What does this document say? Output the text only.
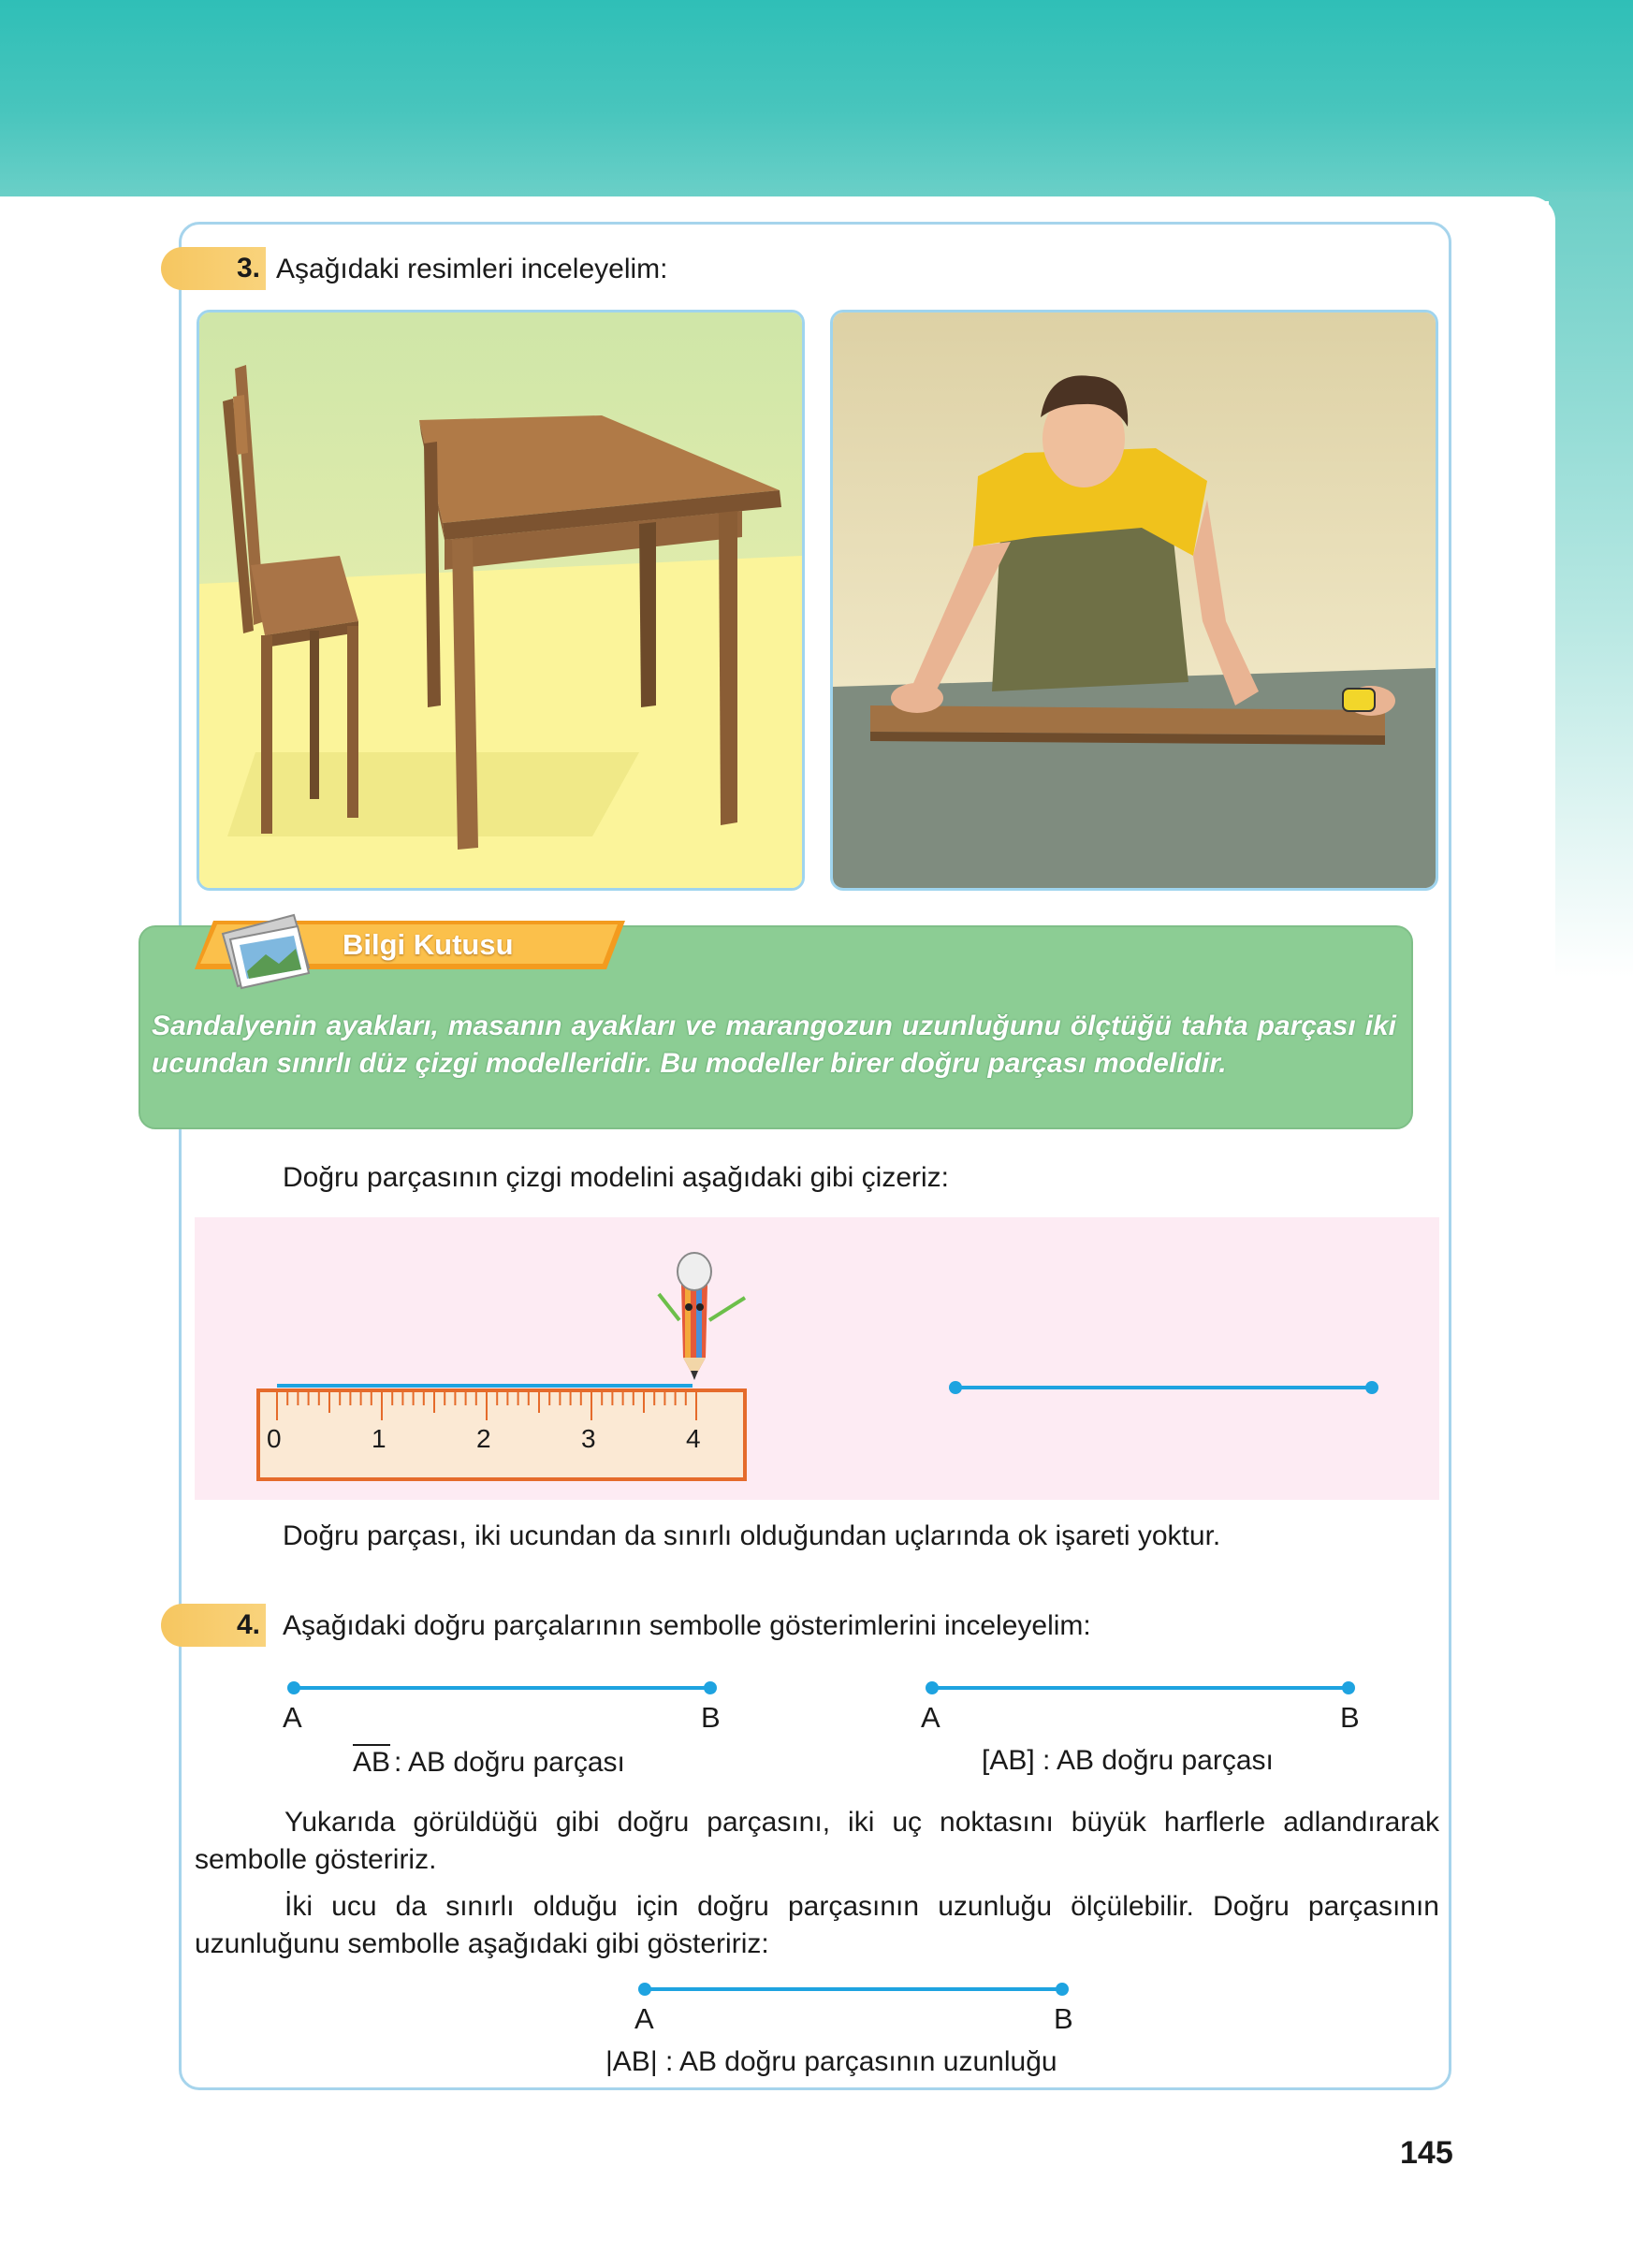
3. Aşağıdaki resimleri inceleyelim:
Bilgi Kutusu
Sandalyenin ayakları, masanın ayakları ve marangozun uzunluğunu ölçtüğü tahta parçası iki ucundan sınırlı düz çizgi modelleridir. Bu modeller birer doğru parçası modelidir.
Doğru parçasının çizgi modelini aşağıdaki gibi çizeriz:
0	1	2	3	4
Doğru parçası, iki ucundan da sınırlı olduğundan uçlarında ok işareti yoktur.
4. Aşağıdaki doğru parçalarının sembolle gösterimlerini inceleyelim:
A	B	A	B
AB : AB doğru parçası	[AB] : AB doğru parçası
Yukarıda görüldüğü gibi doğru parçasını, iki uç noktasını büyük harflerle adlandırarak sembolle gösteririz.
İki ucu da sınırlı olduğu için doğru parçasının uzunluğu ölçülebilir. Doğru parçasının uzunluğunu sembolle aşağıdaki gibi gösteririz:
A	B
|AB| : AB doğru parçasının uzunluğu
145
